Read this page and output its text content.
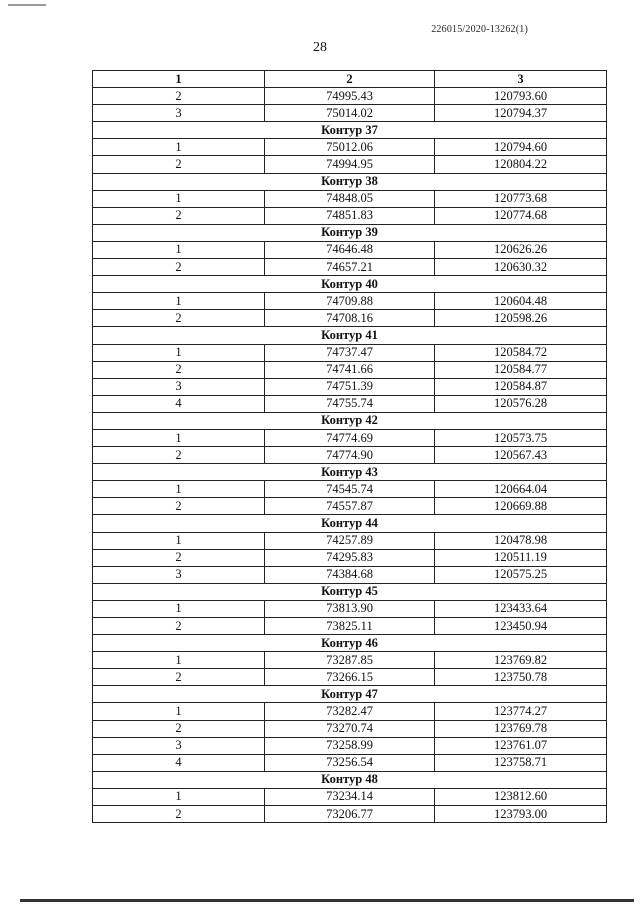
226015/2020-13262(1)
28
1	2	3
2	74995.43	120793.60
3	75014.02	120794.37
Контур 37		
1	75012.06	120794.60
2	74994.95	120804.22
Контур 38		
1	74848.05	120773.68
2	74851.83	120774.68
Контур 39		
1	74646.48	120626.26
2	74657.21	120630.32
Контур 40		
1	74709.88	120604.48
2	74708.16	120598.26
Контур 41		
1	74737.47	120584.72
2	74741.66	120584.77
3	74751.39	120584.87
4	74755.74	120576.28
Контур 42		
1	74774.69	120573.75
2	74774.90	120567.43
Контур 43		
1	74545.74	120664.04
2	74557.87	120669.88
Контур 44		
1	74257.89	120478.98
2	74295.83	120511.19
3	74384.68	120575.25
Контур 45		
1	73813.90	123433.64
2	73825.11	123450.94
Контур 46		
1	73287.85	123769.82
2	73266.15	123750.78
Контур 47		
1	73282.47	123774.27
2	73270.74	123769.78
3	73258.99	123761.07
4	73256.54	123758.71
Контур 48		
1	73234.14	123812.60
2	73206.77	123793.00
